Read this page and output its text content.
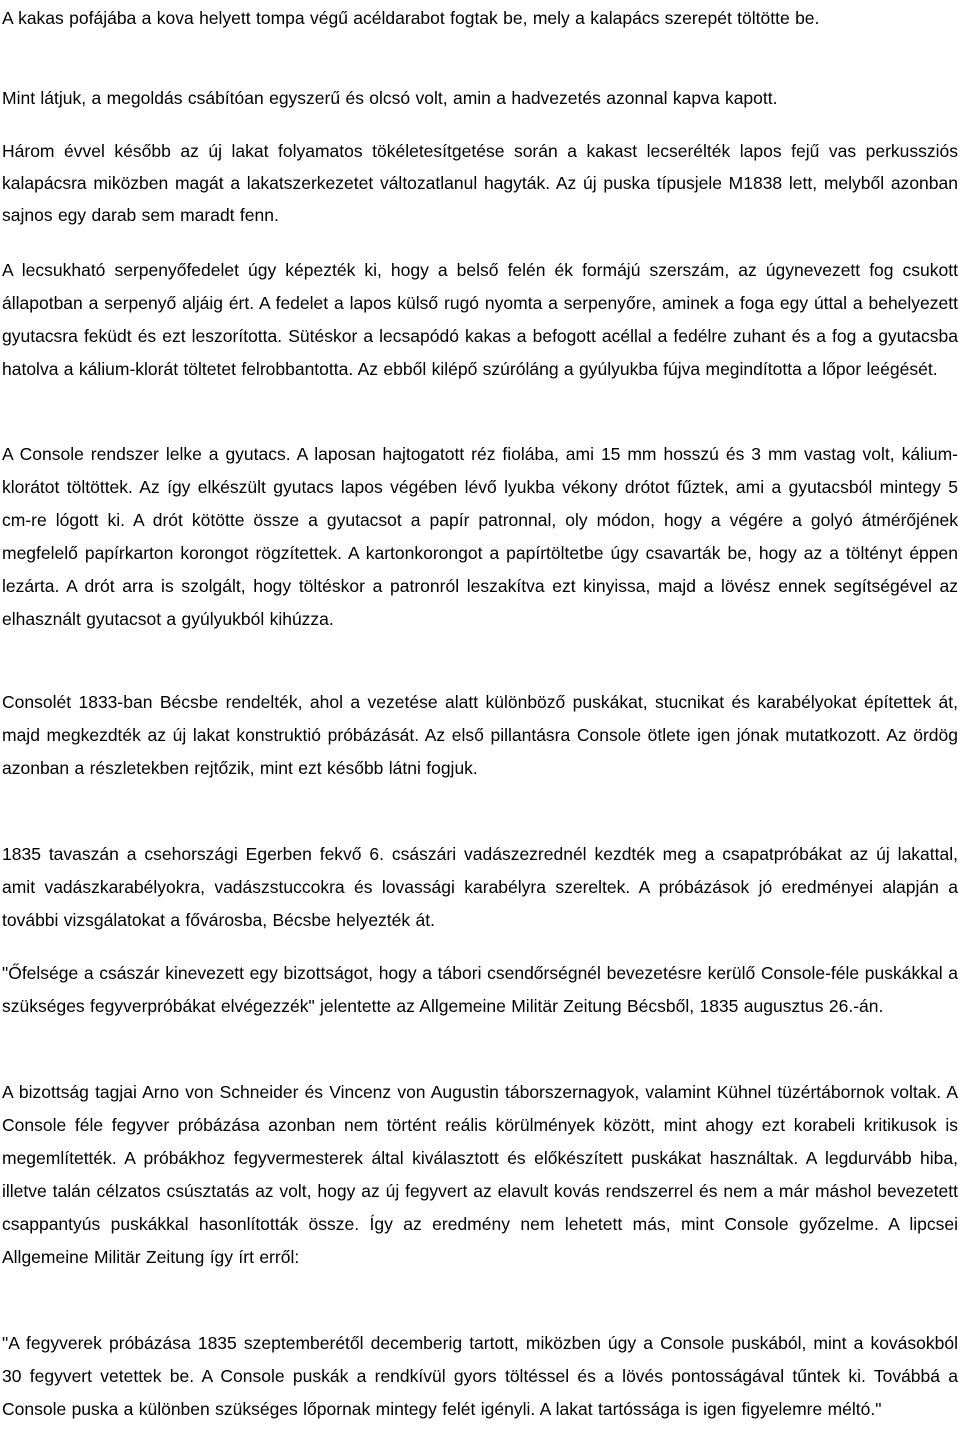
A kakas pofájába a kova helyett tompa végű acéldarabot fogtak be, mely a kalapács szerepét töltötte be.

Mint látjuk, a megoldás csábítóan egyszerű és olcsó volt, amin a hadvezetés azonnal kapva kapott.

Három évvel később az új lakat folyamatos tökéletesítgetése során a kakast lecserélték lapos fejű vas perkussziós kalapácsra miközben magát a lakatszerkezetet változatlanul hagyták. Az új puska típusjele M1838 lett, melyből azonban sajnos egy darab sem maradt fenn.

A lecsukható serpenyőfedelet úgy képezték ki, hogy a belső felén ék formájú szerszám, az úgynevezett fog csukott állapotban a serpenyő aljáig ért. A fedelet a lapos külső rugó nyomta a serpenyőre, aminek a foga egy úttal a behelyezett gyutacsra feküdt és ezt leszorította. Sütéskor a lecsapódó kakas a befogott acéllal a fedélre zuhant és a fog a gyutacsba hatolva a kálium-klorát töltetet felrobbantotta. Az ebből kilépő szúróláng a gyúlyukba fújva megindította a lőpor leégését.

A Console rendszer lelke a gyutacs. A laposan hajtogatott réz fiolába, ami 15 mm hosszú és 3 mm vastag volt, kálium-klorátot töltöttek. Az így elkészült gyutacs lapos végében lévő lyukba vékony drótot fűztek, ami a gyutacsból mintegy 5 cm-re lógott ki. A drót kötötte össze a gyutacsot a papír patronnal, oly módon, hogy a végére a golyó átmérőjének megfelelő papírkarton korongot rögzítettek. A kartonkorongot a papírtöltetbe úgy csavarták be, hogy az a töltényt éppen lezárta. A drót arra is szolgált, hogy töltéskor a patronról leszakítva ezt kinyissa, majd a lövész ennek segítségével az elhasznált gyutacsot a gyúlyukból kihúzza.

Consolét 1833-ban Bécsbe rendelték, ahol a vezetése alatt különböző puskákat, stucnikat és karabélyokat építettek át, majd megkezdték az új lakat konstruktió próbázását. Az első pillantásra Console ötlete igen jónak mutatkozott. Az ördög azonban a részletekben rejtőzik, mint ezt később látni fogjuk.

1835 tavaszán a csehországi Egerben fekvő 6. császári vadászezrednél kezdték meg a csapatpróbákat az új lakattal, amit vadászkarabélyokra, vadászstuccokra és lovassági karabélyra szereltek. A próbázások jó eredményei alapján a további vizsgálatokat a fővárosba, Bécsbe helyezték át.

"Őfelsége a császár kinevezett egy bizottságot, hogy a tábori csendőrségnél bevezetésre kerülő Console-féle puskákkal a szükséges fegyverpróbákat elvégezzék" jelentette az Allgemeine Militär Zeitung Bécsből, 1835 augusztus 26.-án.

A bizottság tagjai Arno von Schneider és Vincenz von Augustin táborszernagyok, valamint Kühnel tüzértábornok voltak. A Console féle fegyver próbázása azonban nem történt reális körülmények között, mint ahogy ezt korabeli kritikusok is megemlítették. A próbákhoz fegyvermesterek által kiválasztott és előkészített puskákat használtak. A legdurvább hiba, illetve talán célzatos csúsztatás az volt, hogy az új fegyvert az elavult kovás rendszerrel és nem a már máshol bevezetett csappantyús puskákkal hasonlították össze. Így az eredmény nem lehetett más, mint Console győzelme. A lipcsei Allgemeine Militär Zeitung így írt erről:

"A fegyverek próbázása 1835 szeptemberétől decemberig tartott, miközben úgy a Console puskából, mint a kovásokból 30 fegyvert vetettek be. A Console puskák a rendkívül gyors töltéssel és a lövés pontosságával tűntek ki. Továbbá a Console puska a különben szükséges lőpornak mintegy felét igényli. A lakat tartóssága is igen figyelemre méltó."
